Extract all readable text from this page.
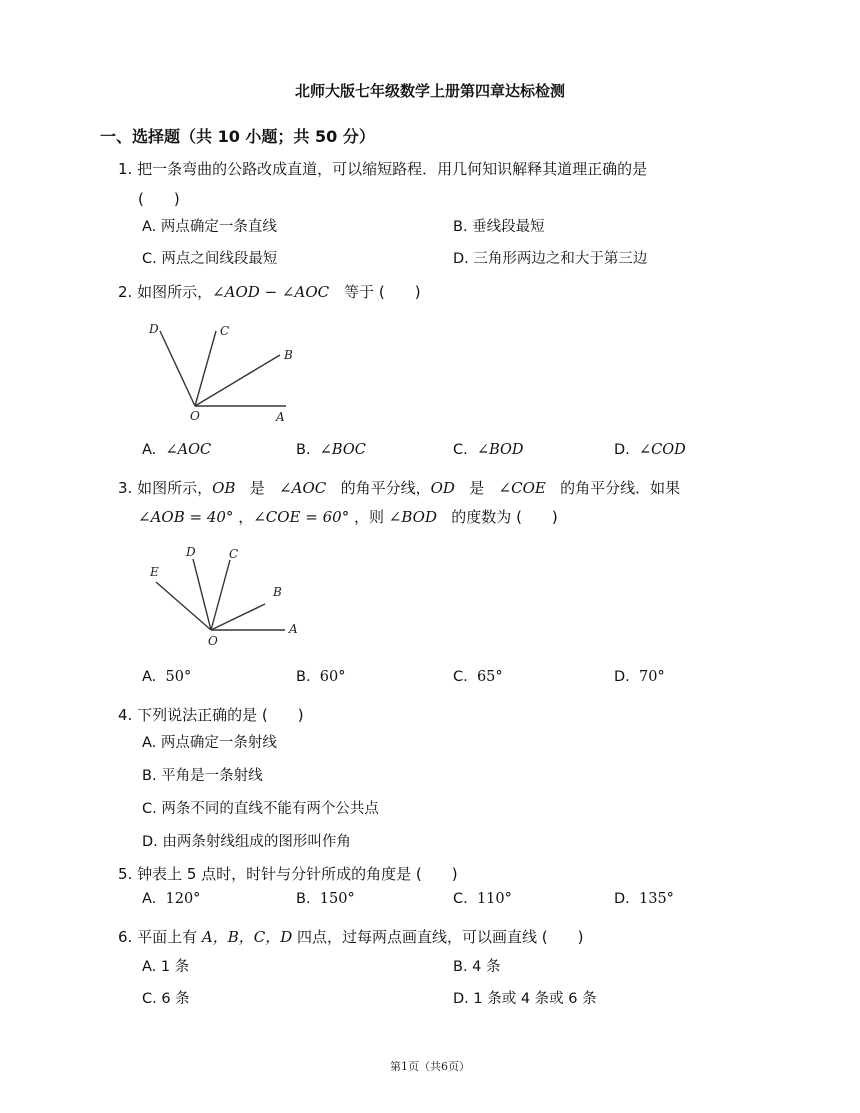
北师大版七年级数学上册第四章达标检测
一、选择题（共 10 小题；共 50 分）
1. 把一条弯曲的公路改成直道，可以缩短路程．用几何知识解释其道理正确的是
(　　)
A. 两点确定一条直线	B. 垂线段最短
C. 两点之间线段最短	D. 三角形两边之和大于第三边
2. 如图所示，∠AOD − ∠AOC　等于 (　　)
D	C
B
O	A
A. ∠AOC	B. ∠BOC	C. ∠BOD	D. ∠COD
3. 如图所示，OB 是 ∠AOC 的角平分线，OD 是 ∠COE 的角平分线．如果
∠AOB = 40° ，∠COE = 60° ，则 ∠BOD 的度数为 (　　)
E
D	C
B
O
A
A. 50°	B. 60°	C. 65°	D. 70°
4. 下列说法正确的是 (　　)
A. 两点确定一条射线
B. 平角是一条射线
C. 两条不同的直线不能有两个公共点
D. 由两条射线组成的图形叫作角
5. 钟表上 5 点时，时针与分针所成的角度是 (　　)
A. 120°	B. 150°	C. 110°	D. 135°
6. 平面上有 A，B，C，D 四点，过每两点画直线，可以画直线 (　　)
A. 1 条	B. 4 条
C. 6 条	D. 1 条或 4 条或 6 条
第1页（共6页）
